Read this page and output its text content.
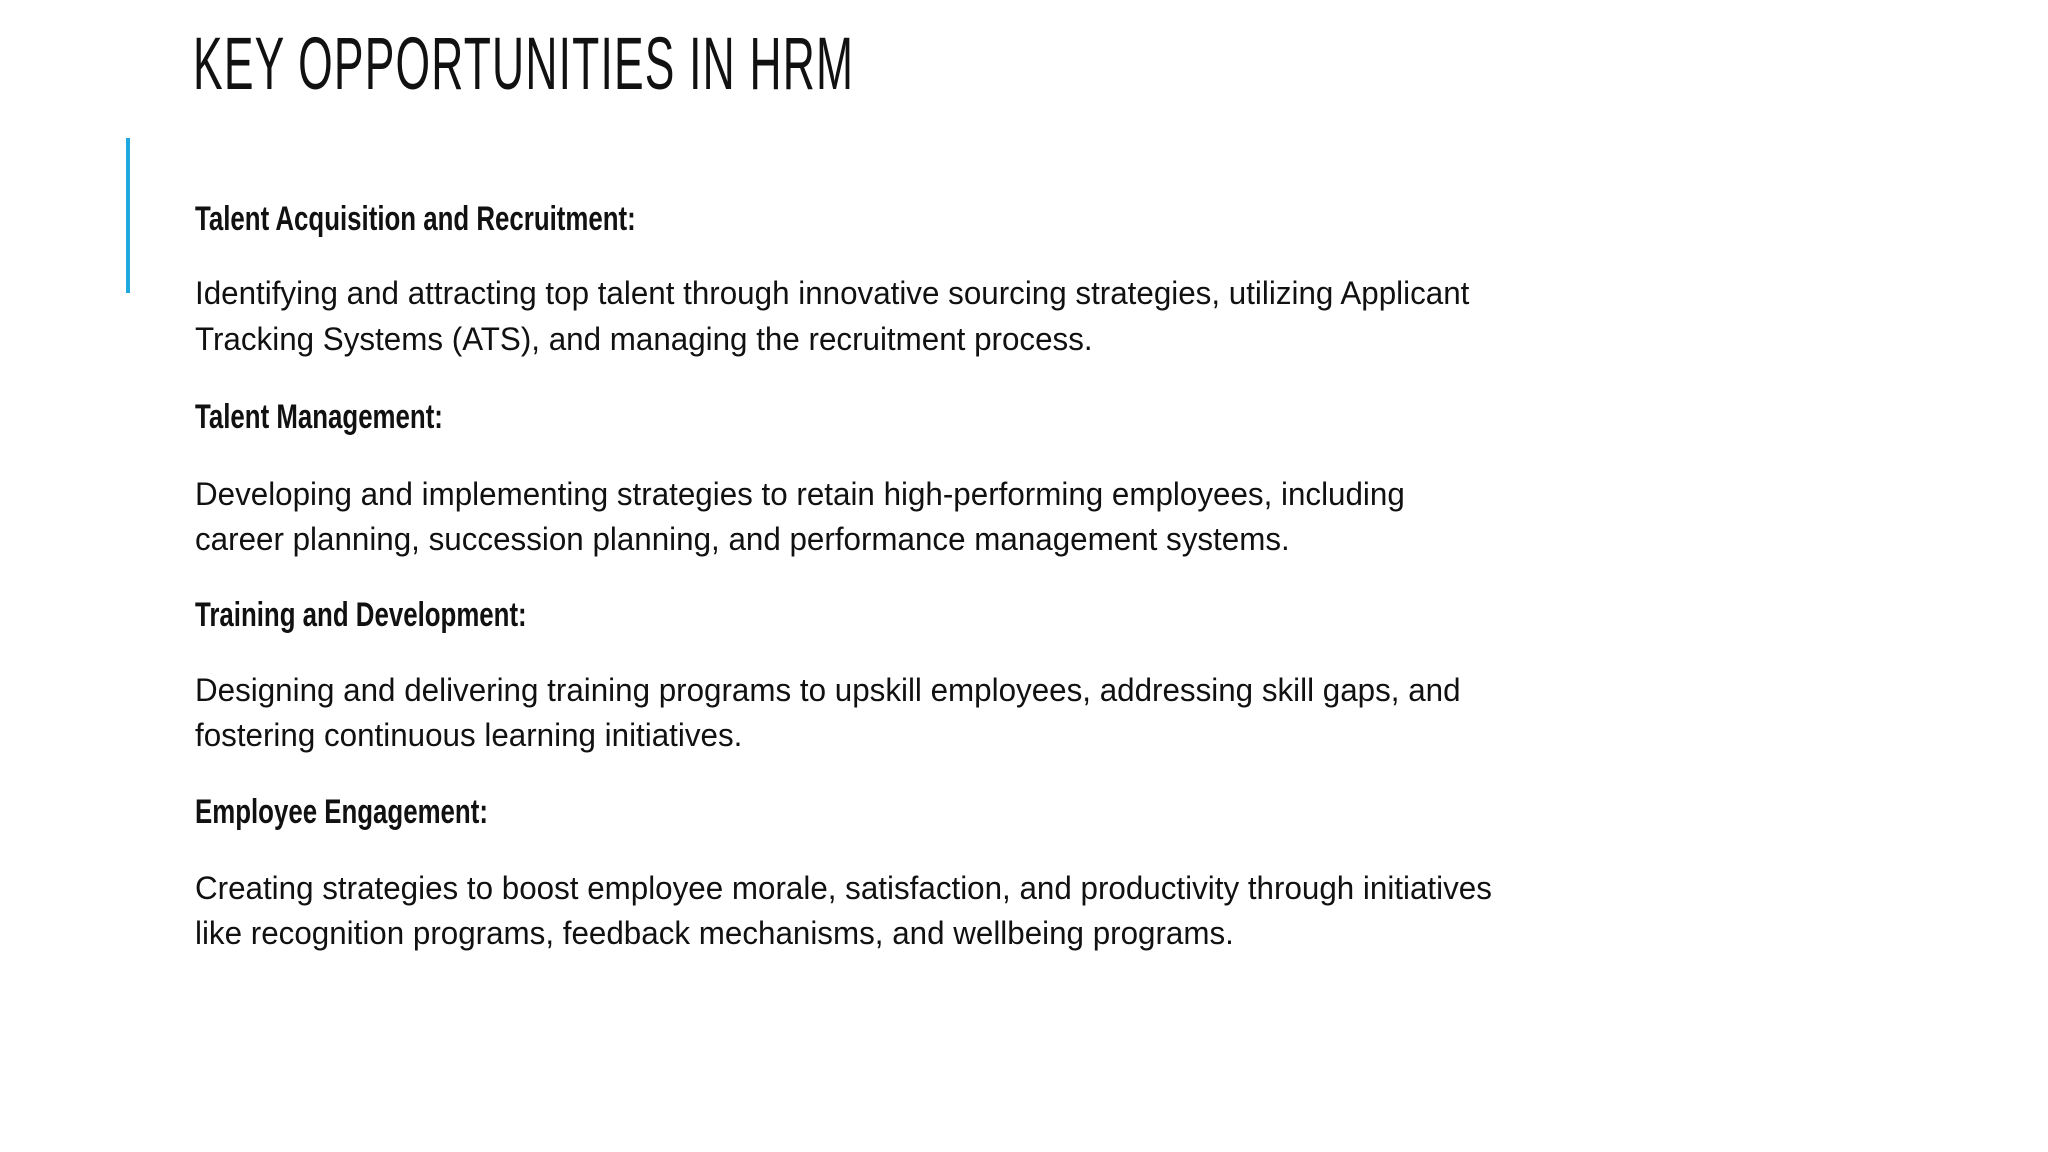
KEY OPPORTUNITIES IN HRM
Talent Acquisition and Recruitment:
Identifying and attracting top talent through innovative sourcing strategies, utilizing Applicant
Tracking Systems (ATS), and managing the recruitment process.
Talent Management:
Developing and implementing strategies to retain high-performing employees, including
career planning, succession planning, and performance management systems.
Training and Development:
Designing and delivering training programs to upskill employees, addressing skill gaps, and
fostering continuous learning initiatives.
Employee Engagement:
Creating strategies to boost employee morale, satisfaction, and productivity through initiatives
like recognition programs, feedback mechanisms, and wellbeing programs.
